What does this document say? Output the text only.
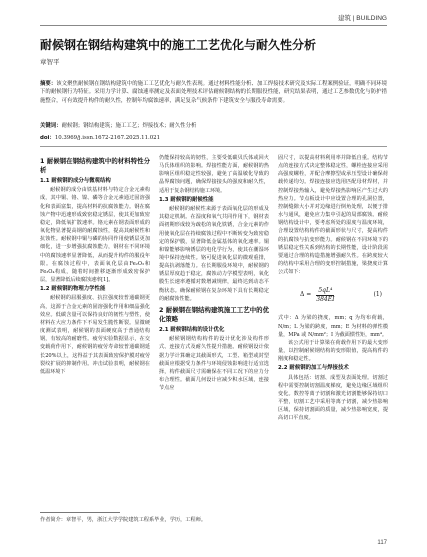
建筑 | BUILDING
耐候钢在钢结构建筑中的施工工艺优化与耐久性分析
章智平
摘要：该文聚焦耐候钢在钢结构建筑中的施工工艺优化与耐久性表现。通过材料性能分析、加工焊接技术研究及实际工程案例验证，明确不同环境下的耐候钢行为特征。采用力学计算、腐蚀速率测定及表面处理技术评估耐候钢结构的长期服役性能，研究结果表明，通过工艺参数优化与防护措施整合，可有效提升构件的耐久性，控制年均腐蚀速率，满足复杂气候条件下建筑安全与服役寿命需要。
关键词：耐候钢；钢结构建筑；施工工艺；焊接技术；耐久性分析
doi：10.3969/j.issn.1672-2167.2025.11.021
1 耐候钢在钢结构建筑中的材料特性分析
1.1 耐候钢的成分与微观结构

耐候钢的成分由铁基材料与特定合金元素构成，其中铜、铬、镍、磷等合金元素通过固溶强化和表面富集，提高材料的抗腐蚀能力。钢在腐蚀产物中迅速形成致密稳定锈层，使其更加致密稳定，降低氧扩散速率。铬元素在钢表面形成的氧化物显著提高钢的耐腐蚀性，提高其耐候性和抗蚀性。耐候钢中铜与磷的协同作用使锈层更加细化，进一步增强抗腐蚀能力，钢材在不同环境中的腐蚀速率显著降低，从而提升构件的服役年限。在腐蚀过程中，表面氧化层由Fe₂O₃和Fe₃O₄构成，随着时间推移逐渐形成致密保护层，显著降低后续腐蚀速率[1]。

1.2 耐候钢的物理力学性能

耐候钢的屈服强度、抗拉强度较普通碳钢更高，这源于合金元素的固溶强化作用和细晶强化效应。低碳含量可以保持良好的韧性与塑性，使材料在大应力条件下不易发生脆性断裂。显微硬度测试表明，耐候钢的表面硬度高于普通结构钢，有较高的耐磨性。疲劳实验数据显示，在交变载荷作用下，耐候钢的疲劳寿命较普通碳钢延长20%以上，这得益于其表面致密保护膜对疲劳裂纹扩展的抑制作用。冲击试验表明，耐候钢在低温环境下

仍能保持较高的韧性，主要受低碳贝氏体或回火马氏体组织的影响。焊接性能方面，耐候钢的热影响区组织稳定性较强，避免了高温敏化导致的晶界腐蚀问题，确保焊接接头的强度和耐久性，适用于复杂钢结构施工环境。

1.3 耐候钢的耐候性能

耐候钢的耐候性来源于表面氧化层的形成及其稳定机制。在湿度和氧气共同作用下，钢材表面初期形成较为疏松的氧化铁锈，合金元素的作用使氧化层在持续腐蚀过程中不断转变为致密稳定的保护膜，显著降低金属基体的氧化速率。铜和镍能够影响锈层的电化学行为，使其在潮湿环境中保持连续性。铬可促进氧化层的微观重排，提高抗剥落能力。在长期服役环境中，耐候钢的锈层厚度趋于稳定，腐蚀动力学模型表明，氧化膜生长速率遵循对数增减规律，最终达到动态平衡状态。确保耐候钢在复杂环境下具有长期稳定的耐腐蚀性能。

2 耐候钢在钢结构建筑施工工艺中的优化策略
2.1 耐候钢结构的设计优化

耐候钢钢结构构件的设计优化涉及构件形式、连接方式及耐久性提升措施。耐候钢设计依据力学计算确定其截面形式，工型、箱型或封型截面应根据受力条件与环境侵蚀影响进行适宜选择，构件截面尺寸需确保在不同工况下的应力分布合理性。截面几何设计应减少积水区域，连接节点应

固尺寸，以提高材料利用率并降低自重。结构节点的连接方式决定整体稳定性，螺栓连接应采用高强度螺栓，并配合摩擦型或承压型设计确保荷载传递均匀。焊接连接应选用匹配母材焊材，并控制焊接热输入，避免焊接热影响区产生过大的热应力。节点板设计中应设置合理的孔洞位置，控制缝隙大小并对边缘进行倒角处理，以便于排水与通风，避免应力集中引起的局部腐蚀。耐候钢结构设计中，要考虑所处的湿度与温度环境，合理设置结构构件的截面形状与尺寸，提高构件的抗腐蚀与抗变形能力。耐候钢在不同环境下的锈层稳定性关系到结构的长期性能，设计阶段需要通过合理的构造措施增强耐久性。在跨度较大的结构中采用合理的变形控制措施，梁挠度计算公式如下：

$\Delta = \frac{\text{5qL⁴}}{384EI}$	(1)

式中：Δ 为梁的挠度，mm；q 为均布荷载，N/m；L 为梁的跨度，mm；E 为材料的弹性模量，MPa 或 N/mm²；I 为截面惯性矩，mm⁴。

该公式用于计算梁在荷载作用下的最大变形量，以控制耐候钢结构的变形限值，提高构件的刚度和稳定性。

2.2 耐候钢的加工与焊接技术

具体包括：切割、成型及表面处理。切割过程中需要控制切割温度梯度，避免边缘区域组织变化。数控等离子切割和激光切割能够保持切口平整，切割工艺中采用等离子切割，减少热影响区域，保持切割面的质量，减少热影响宽度，提高切口平直度。

作者简介：章智平，男，浙江大学学院建筑工程系毕业，学历，工程师。
117
